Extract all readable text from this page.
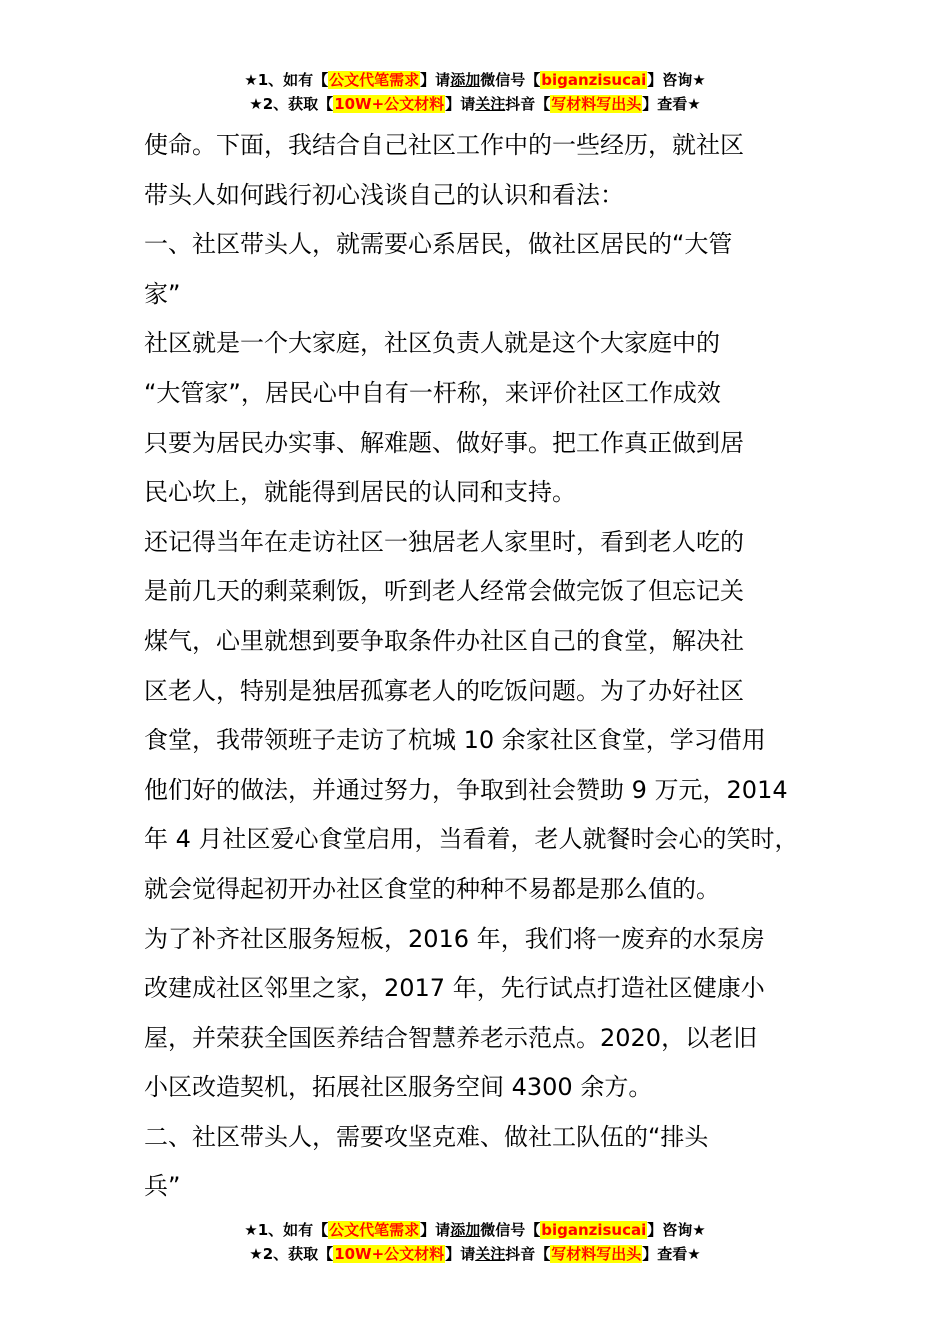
★1、如有【公文代笔需求】请添加微信号【biganzisucai】咨询★
★2、获取【10W+公文材料】请关注抖音【写材料写出头】查看★
使命。下面，我结合自己社区工作中的一些经历，就社区
带头人如何践行初心浅谈自己的认识和看法：
一、社区带头人，就需要心系居民，做社区居民的“大管
家”
社区就是一个大家庭，社区负责人就是这个大家庭中的
“大管家”，居民心中自有一杆称，来评价社区工作成效
只要为居民办实事、解难题、做好事。把工作真正做到居
民心坎上，就能得到居民的认同和支持。
还记得当年在走访社区一独居老人家里时，看到老人吃的
是前几天的剩菜剩饭，听到老人经常会做完饭了但忘记关
煤气，心里就想到要争取条件办社区自己的食堂，解决社
区老人，特别是独居孤寡老人的吃饭问题。为了办好社区
食堂，我带领班子走访了杭城 10 余家社区食堂，学习借用
他们好的做法，并通过努力，争取到社会赞助 9 万元，2014
年 4 月社区爱心食堂启用，当看着，老人就餐时会心的笑时，
就会觉得起初开办社区食堂的种种不易都是那么值的。
为了补齐社区服务短板，2016 年，我们将一废弃的水泵房
改建成社区邻里之家，2017 年，先行试点打造社区健康小
屋，并荣获全国医养结合智慧养老示范点。2020，以老旧
小区改造契机，拓展社区服务空间 4300 余方。
二、社区带头人，需要攻坚克难、做社工队伍的“排头
兵”
★1、如有【公文代笔需求】请添加微信号【biganzisucai】咨询★
★2、获取【10W+公文材料】请关注抖音【写材料写出头】查看★
